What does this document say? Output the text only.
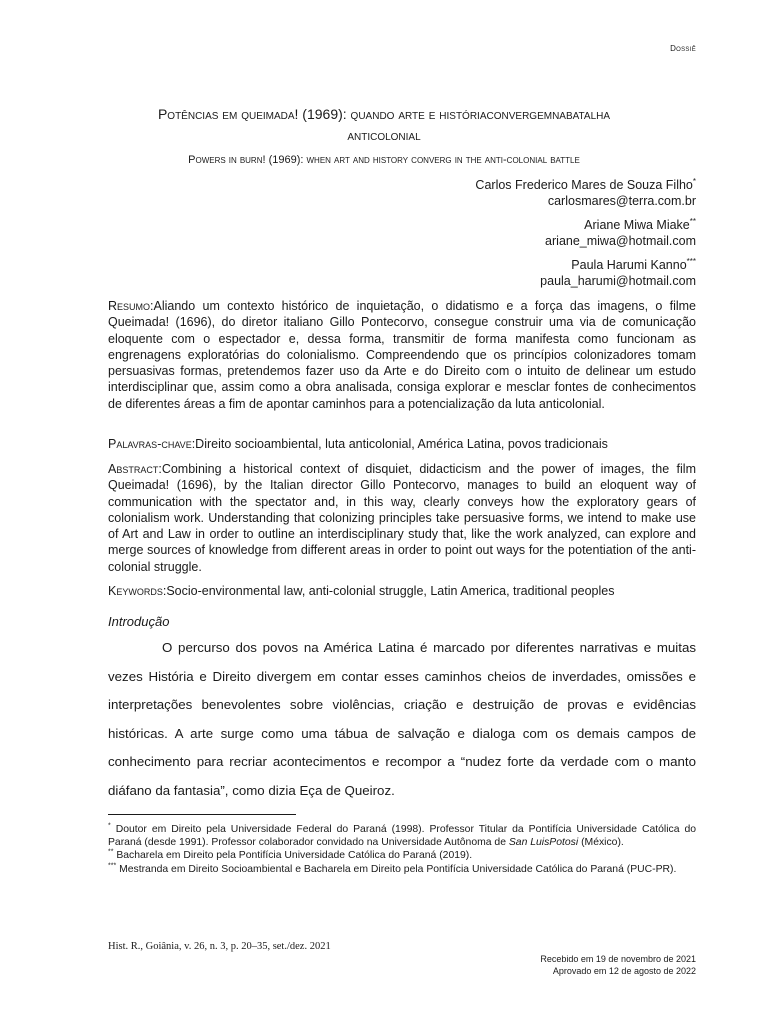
Dossiê
Potências em queimada! (1969): quando arte e históriaconvergemnabatalha
anticolonial
Powers in burn! (1969): when art and history converg in the anti-colonial battle
Carlos Frederico Mares de Souza Filho*
carlosmares@terra.com.br
Ariane Miwa Miake**
ariane_miwa@hotmail.com
Paula Harumi Kanno***
paula_harumi@hotmail.com
Resumo:Aliando um contexto histórico de inquietação, o didatismo e a força das imagens, o filme Queimada! (1696), do diretor italiano Gillo Pontecorvo, consegue construir uma via de comunicação eloquente com o espectador e, dessa forma, transmitir de forma manifesta como funcionam as engrenagens exploratórias do colonialismo. Compreendendo que os princípios colonizadores tomam persuasivas formas, pretendemos fazer uso da Arte e do Direito com o intuito de delinear um estudo interdisciplinar que, assim como a obra analisada, consiga explorar e mesclar fontes de conhecimentos de diferentes áreas a fim de apontar caminhos para a potencialização da luta anticolonial.
Palavras-chave:Direito socioambiental, luta anticolonial, América Latina, povos tradicionais
Abstract:Combining a historical context of disquiet, didacticism and the power of images, the film Queimada! (1696), by the Italian director Gillo Pontecorvo, manages to build an eloquent way of communication with the spectator and, in this way, clearly conveys how the exploratory gears of colonialism work. Understanding that colonizing principles take persuasive forms, we intend to make use of Art and Law in order to outline an interdisciplinary study that, like the work analyzed, can explore and merge sources of knowledge from different areas in order to point out ways for the potentiation of the anti-colonial struggle.
Keywords:Socio-environmental law, anti-colonial struggle, Latin America, traditional peoples
Introdução
O percurso dos povos na América Latina é marcado por diferentes narrativas e muitas vezes História e Direito divergem em contar esses caminhos cheios de inverdades, omissões e interpretações benevolentes sobre violências, criação e destruição de provas e evidências históricas. A arte surge como uma tábua de salvação e dialoga com os demais campos de conhecimento para recriar acontecimentos e recompor a “nudez forte da verdade com o manto diáfano da fantasia”, como dizia Eça de Queiroz.
* Doutor em Direito pela Universidade Federal do Paraná (1998). Professor Titular da Pontifícia Universidade Católica do Paraná (desde 1991). Professor colaborador convidado na Universidade Autônoma de San LuisPotosi (México).
** Bacharela em Direito pela Pontifícia Universidade Católica do Paraná (2019).
*** Mestranda em Direito Socioambiental e Bacharela em Direito pela Pontifícia Universidade Católica do Paraná (PUC-PR).
Hist. R., Goiânia, v. 26, n. 3, p. 20–35, set./dez. 2021
Recebido em 19 de novembro de 2021
Aprovado em 12 de agosto de 2022
